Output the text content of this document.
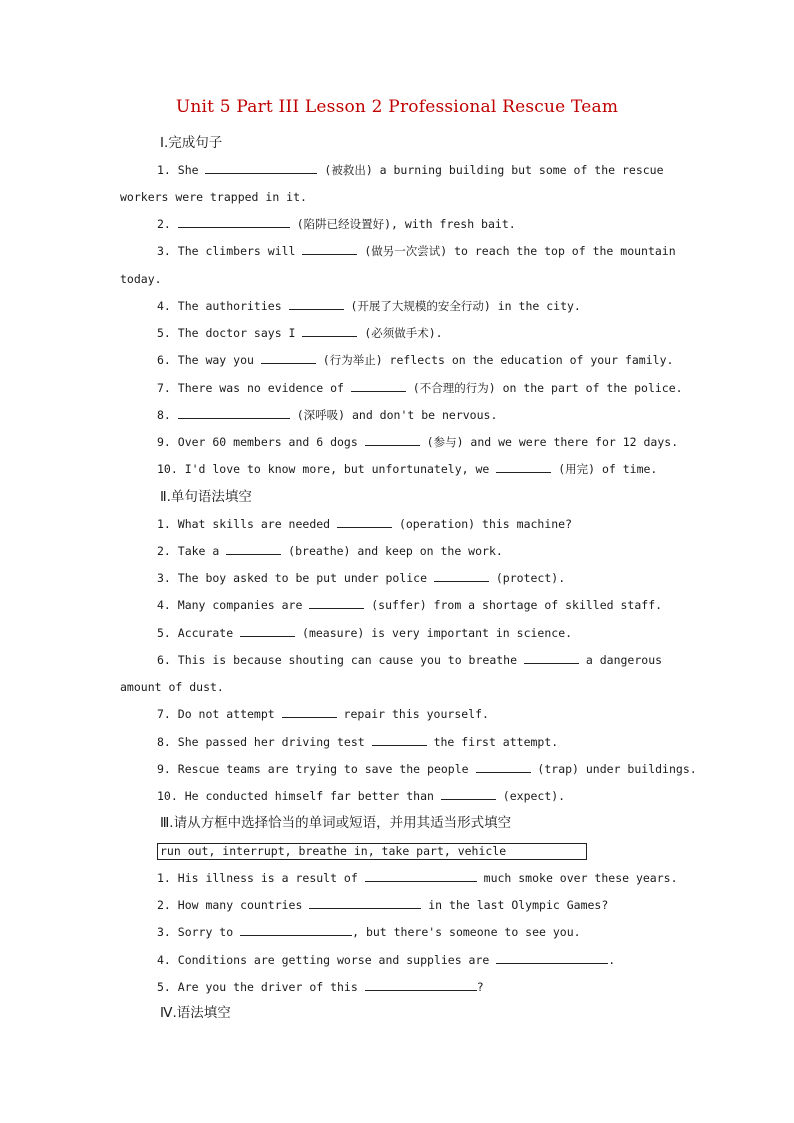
Unit 5 Part III Lesson 2 Professional Rescue Team
Ⅰ.完成句子
1. She	(被救出) a burning building but some of the rescue
workers were trapped in it.
2.	(陷阱已经设置好), with fresh bait.
3. The climbers will	(做另一次尝试) to reach the top of the mountain
today.
4. The authorities	(开展了大规模的安全行动) in the city.
5. The doctor says I	(必须做手术).
6. The way you	(行为举止) reflects on the education of your family.
7. There was no evidence of	(不合理的行为) on the part of the police.
8.	(深呼吸) and don't be nervous.
9. Over 60 members and 6 dogs	(参与) and we were there for 12 days.
10. I'd love to know more, but unfortunately, we	(用完) of time.
Ⅱ.单句语法填空
1. What skills are needed	(operation) this machine?
2. Take a	(breathe) and keep on the work.
3. The boy asked to be put under police	(protect).
4. Many companies are	(suffer) from a shortage of skilled staff.
5. Accurate	(measure) is very important in science.
6. This is because shouting can cause you to breathe	a dangerous
amount of dust.
7. Do not attempt	repair this yourself.
8. She passed her driving test	the first attempt.
9. Rescue teams are trying to save the people	(trap) under buildings.
10. He conducted himself far better than	(expect).
Ⅲ.请从方框中选择恰当的单词或短语，并用其适当形式填空
run out, interrupt, breathe in, take part, vehicle
1. His illness is a result of	much smoke over these years.
2. How many countries	in the last Olympic Games?
3. Sorry to	, but there's someone to see you.
4. Conditions are getting worse and supplies are	.
5. Are you the driver of this	?
Ⅳ.语法填空
